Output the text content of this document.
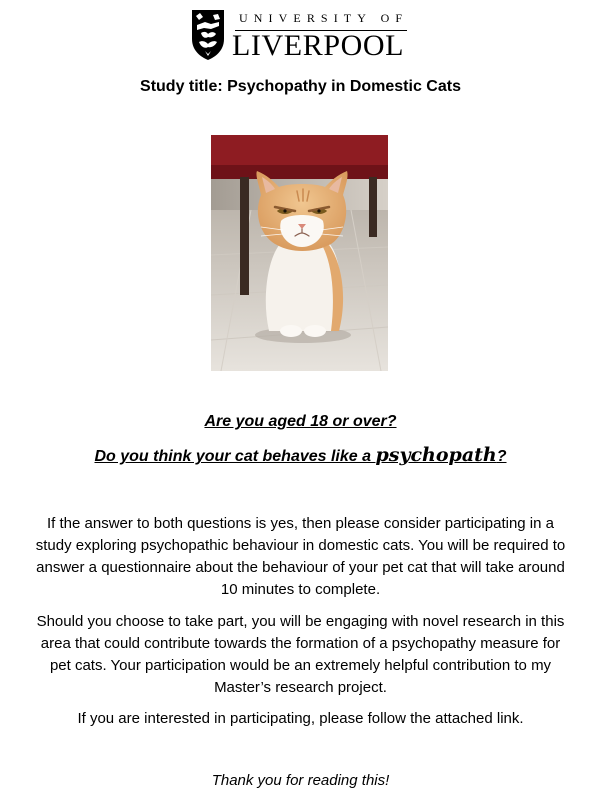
UNIVERSITY OF
LIVERPOOL
Study title: Psychopathy in Domestic Cats
Are you aged 18 or over?
Do you think your cat behaves like a psychopath?

If the answer to both questions is yes, then please consider participating in a study exploring psychopathic behaviour in domestic cats. You will be required to answer a questionnaire about the behaviour of your pet cat that will take around 10 minutes to complete.

Should you choose to take part, you will be engaging with novel research in this area that could contribute towards the formation of a psychopathy measure for pet cats. Your participation would be an extremely helpful contribution to my Master’s research project.

If you are interested in participating, please follow the attached link.

Thank you for reading this!
